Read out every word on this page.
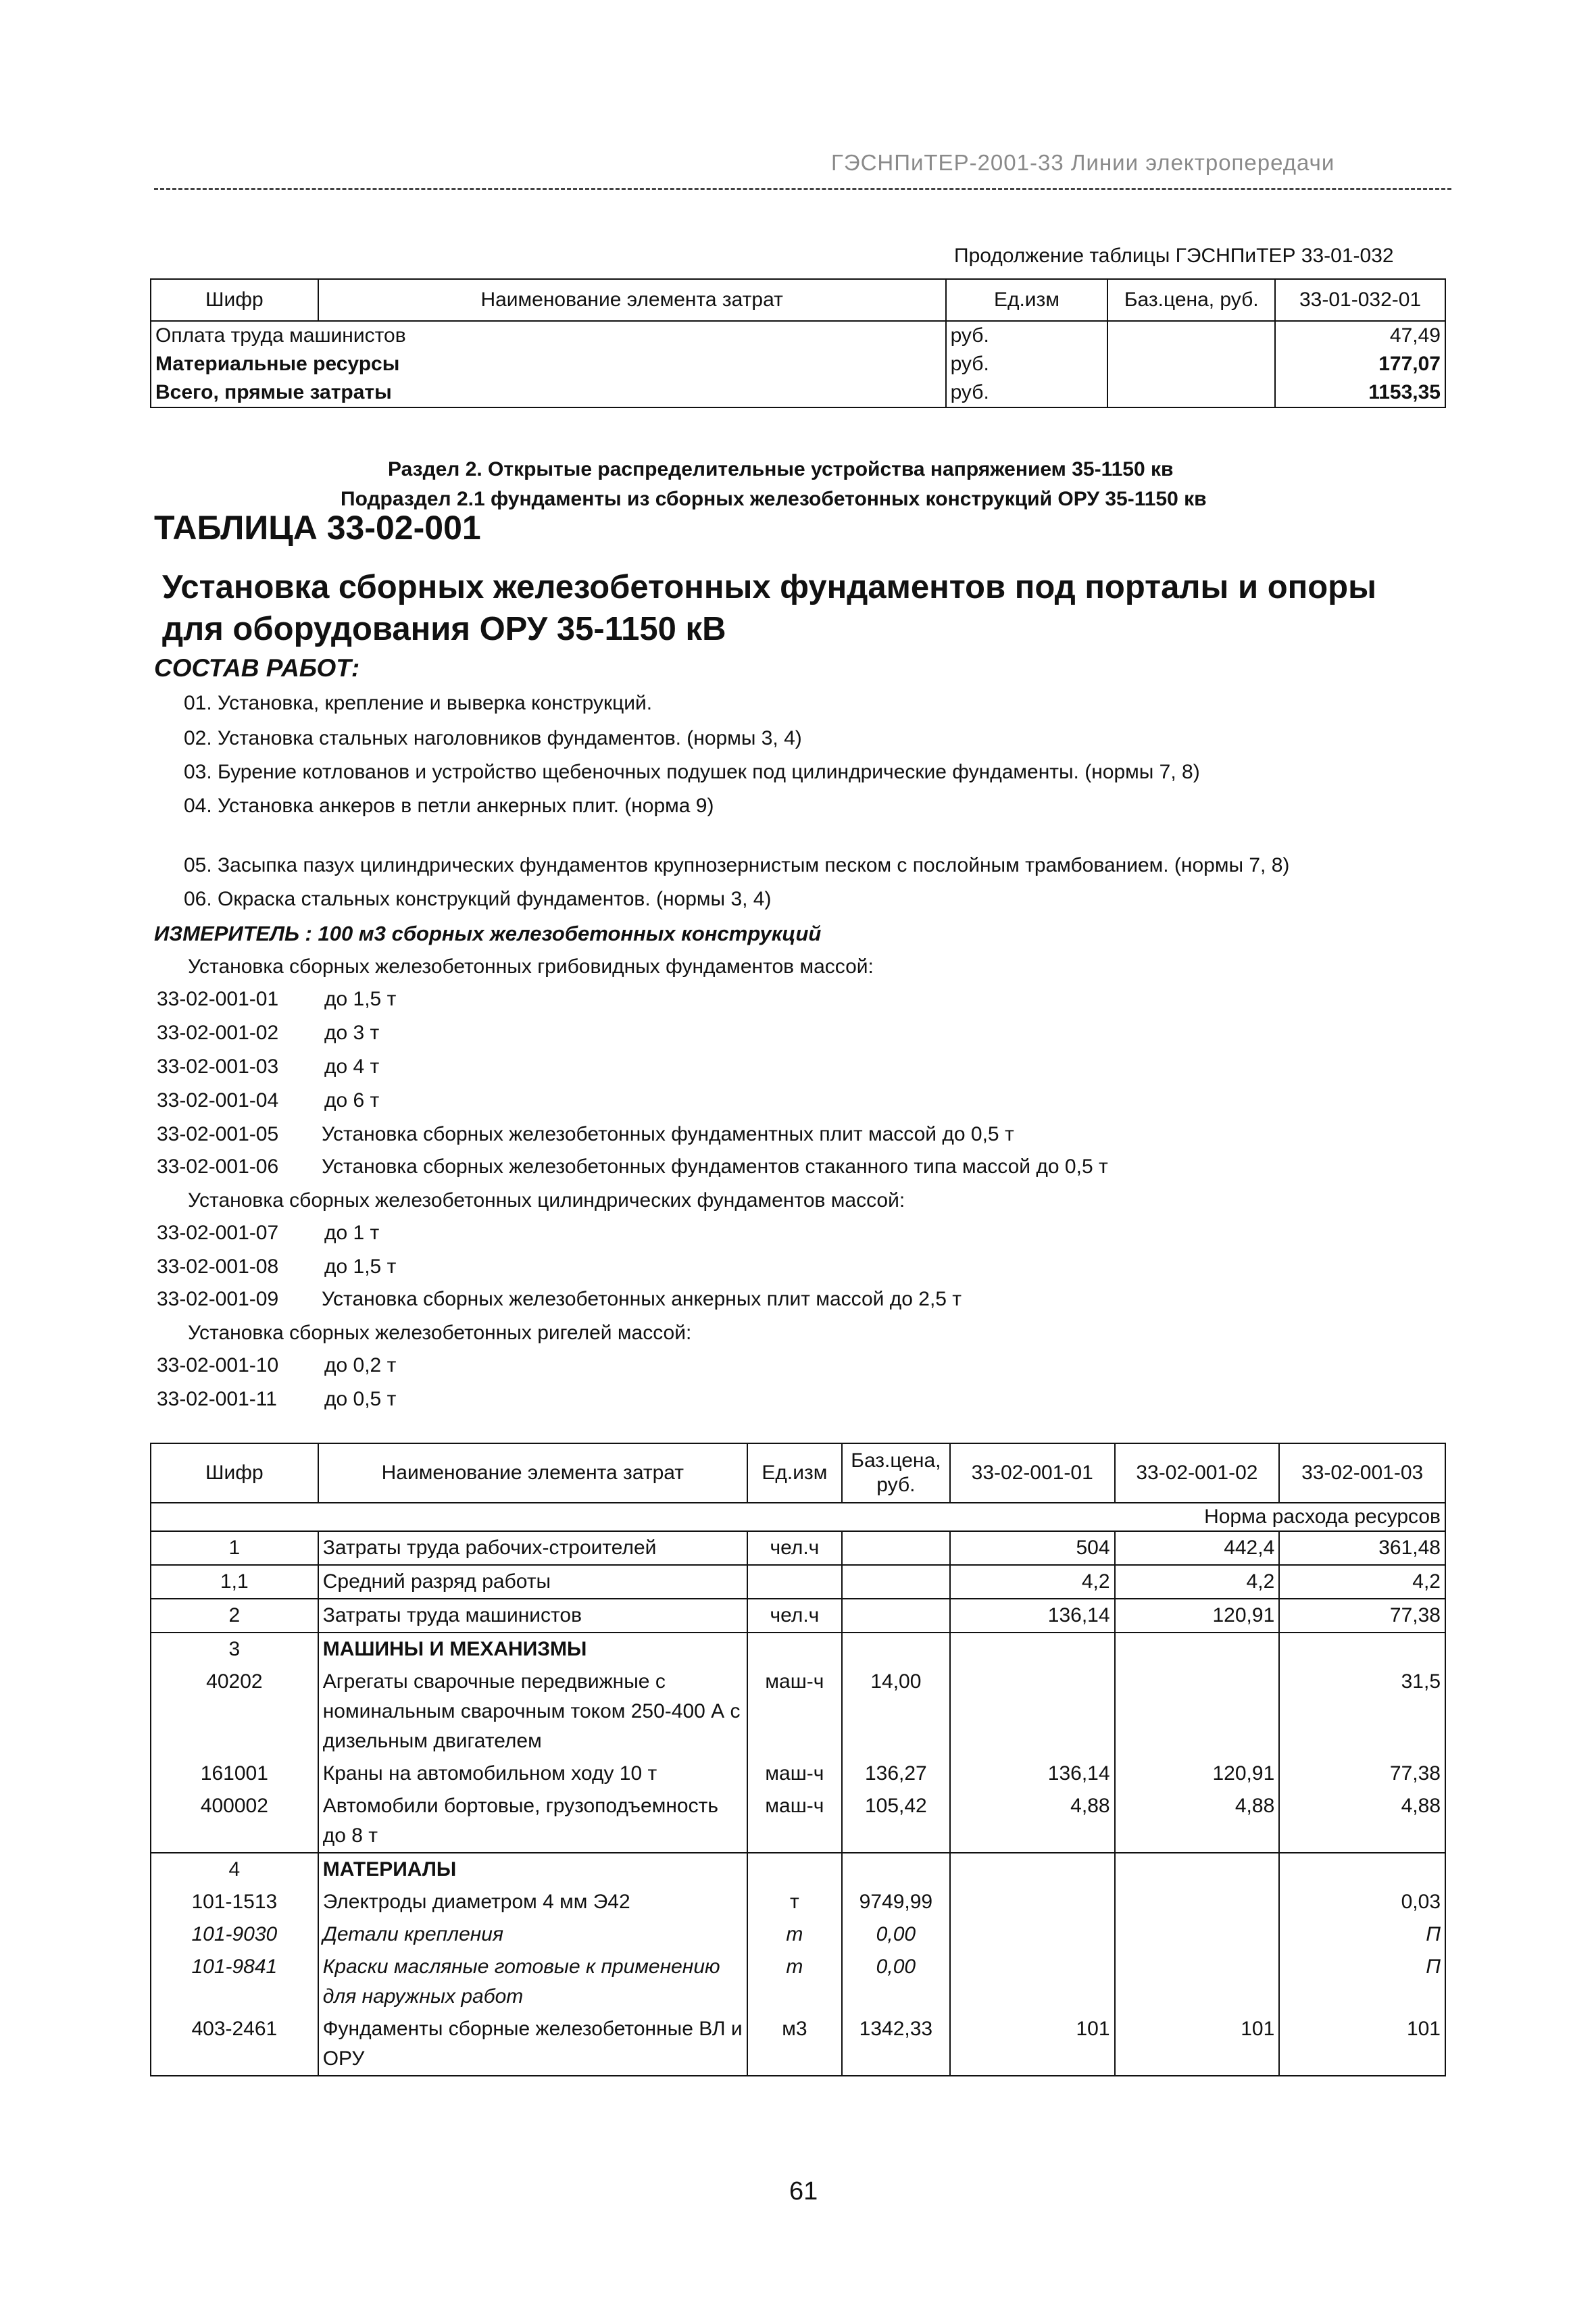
ГЭСНПиТЕР-2001-33 Линии электропередачи
Продолжение таблицы ГЭСНПиТЕР 33-01-032
Шифр	Наименование элемента затрат	Ед.изм	Баз.цена, руб.	33-01-032-01
Оплата труда машинистов		руб.		47,49
Материальные ресурсы		руб.		177,07
Всего, прямые затраты		руб.		1153,35
Раздел 2. Открытые распределительные устройства напряжением 35-1150 кв
Подраздел 2.1 фундаменты из сборных железобетонных конструкций ОРУ 35-1150 кв
ТАБЛИЦА 33-02-001
Установка сборных железобетонных фундаментов под порталы и опоры для оборудования ОРУ 35-1150 кВ
СОСТАВ РАБОТ:
01. Установка, крепление и выверка конструкций.
02. Установка стальных наголовников фундаментов. (нормы 3, 4)
03. Бурение котлованов и устройство щебеночных подушек под цилиндрические фундаменты. (нормы 7, 8)
04. Установка анкеров в петли анкерных плит. (норма 9)
05. Засыпка пазух цилиндрических фундаментов крупнозернистым песком с послойным трамбованием. (нормы 7, 8)
06. Окраска стальных конструкций фундаментов. (нормы 3, 4)
ИЗМЕРИТЕЛЬ : 100 м3 сборных железобетонных конструкций
Установка сборных железобетонных грибовидных фундаментов массой:
33-02-001-01 до 1,5 т
33-02-001-02 до 3 т
33-02-001-03 до 4 т
33-02-001-04 до 6 т
33-02-001-05 Установка сборных железобетонных фундаментных плит массой до 0,5 т
33-02-001-06 Установка сборных железобетонных фундаментов стаканного типа массой до 0,5 т
Установка сборных железобетонных цилиндрических фундаментов массой:
33-02-001-07 до 1 т
33-02-001-08 до 1,5 т
33-02-001-09 Установка сборных железобетонных анкерных плит массой до 2,5 т
Установка сборных железобетонных ригелей массой:
33-02-001-10 до 0,2 т
33-02-001-11 до 0,5 т
Шифр	Наименование элемента затрат	Ед.изм	Баз.цена, руб.	33-02-001-01	33-02-001-02	33-02-001-03
Норма расхода ресурсов						
1	Затраты труда рабочих-строителей	чел.ч		504	442,4	361,48
1,1	Средний разряд работы			4,2	4,2	4,2
2	Затраты труда машинистов	чел.ч		136,14	120,91	77,38
3	МАШИНЫ И МЕХАНИЗМЫ					
40202	Агрегаты сварочные передвижные с номинальным сварочным током 250-400 А с дизельным двигателем	маш-ч	14,00			31,5
161001	Краны на автомобильном ходу 10 т	маш-ч	136,27	136,14	120,91	77,38
400002	Автомобили бортовые, грузоподъемность до 8 т	маш-ч	105,42	4,88	4,88	4,88
4	МАТЕРИАЛЫ					
101-1513	Электроды диаметром 4 мм Э42	т	9749,99			0,03
101-9030	Детали крепления	т	0,00			П
101-9841	Краски масляные готовые к применению для наружных работ	т	0,00			П
403-2461	Фундаменты сборные железобетонные ВЛ и ОРУ	м3	1342,33	101	101	101
61
